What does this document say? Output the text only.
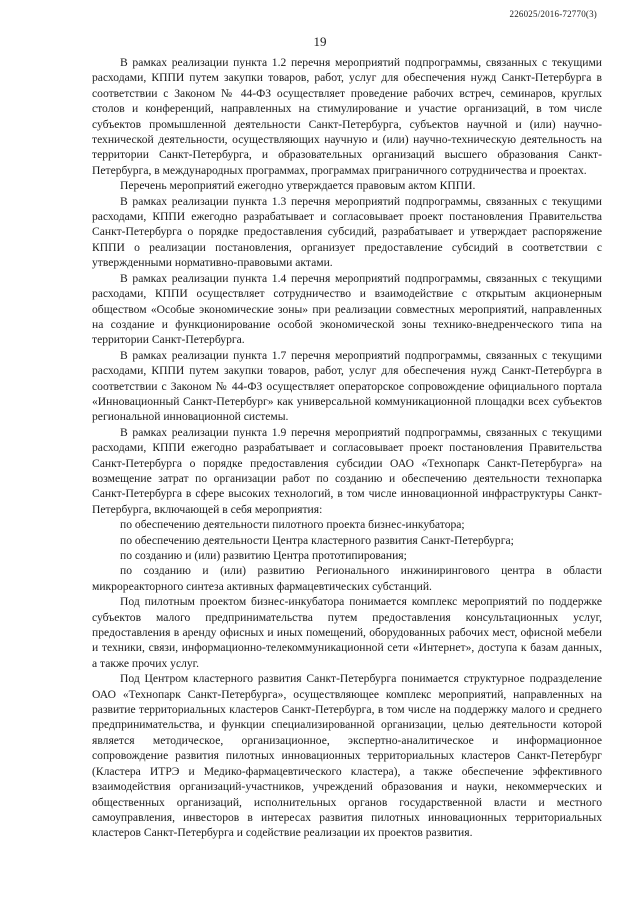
226025/2016-72770(3)
19

В рамках реализации пункта 1.2 перечня мероприятий подпрограммы, связанных с текущими расходами, КППИ путем закупки товаров, работ, услуг для обеспечения нужд Санкт-Петербурга в соответствии с Законом № 44-ФЗ осуществляет проведение рабочих встреч, семинаров, круглых столов и конференций, направленных на стимулирование и участие организаций, в том числе субъектов промышленной деятельности Санкт-Петербурга, субъектов научной и (или) научно-технической деятельности, осуществляющих научную и (или) научно-техническую деятельность на территории Санкт-Петербурга, и образовательных организаций высшего образования Санкт-Петербурга, в международных программах, программах приграничного сотрудничества и проектах.

Перечень мероприятий ежегодно утверждается правовым актом КППИ.

В рамках реализации пункта 1.3 перечня мероприятий подпрограммы, связанных с текущими расходами, КППИ ежегодно разрабатывает и согласовывает проект постановления Правительства Санкт-Петербурга о порядке предоставления субсидий, разрабатывает и утверждает распоряжение КППИ о реализации постановления, организует предоставление субсидий в соответствии с утвержденными нормативно-правовыми актами.

В рамках реализации пункта 1.4 перечня мероприятий подпрограммы, связанных с текущими расходами, КППИ осуществляет сотрудничество и взаимодействие с открытым акционерным обществом «Особые экономические зоны» при реализации совместных мероприятий, направленных на создание и функционирование особой экономической зоны технико-внедренческого типа на территории Санкт-Петербурга.

В рамках реализации пункта 1.7 перечня мероприятий подпрограммы, связанных с текущими расходами, КППИ путем закупки товаров, работ, услуг для обеспечения нужд Санкт-Петербурга в соответствии с Законом № 44-ФЗ осуществляет операторское сопровождение официального портала «Инновационный Санкт-Петербург» как универсальной коммуникационной площадки всех субъектов региональной инновационной системы.

В рамках реализации пункта 1.9 перечня мероприятий подпрограммы, связанных с текущими расходами, КППИ ежегодно разрабатывает и согласовывает проект постановления Правительства Санкт-Петербурга о порядке предоставления субсидии ОАО «Технопарк Санкт-Петербурга» на возмещение затрат по организации работ по созданию и обеспечению деятельности технопарка Санкт-Петербурга в сфере высоких технологий, в том числе инновационной инфраструктуры Санкт-Петербурга, включающей в себя мероприятия:

по обеспечению деятельности пилотного проекта бизнес-инкубатора;

по обеспечению деятельности Центра кластерного развития Санкт-Петербурга;

по созданию и (или) развитию Центра прототипирования;

по созданию и (или) развитию Регионального инжинирингового центра в области микрореакторного синтеза активных фармацевтических субстанций.

Под пилотным проектом бизнес-инкубатора понимается комплекс мероприятий по поддержке субъектов малого предпринимательства путем предоставления консультационных услуг, предоставления в аренду офисных и иных помещений, оборудованных рабочих мест, офисной мебели и техники, связи, информационно-телекоммуникационной сети «Интернет», доступа к базам данных, а также прочих услуг.

Под Центром кластерного развития Санкт-Петербурга понимается структурное подразделение ОАО «Технопарк Санкт-Петербурга», осуществляющее комплекс мероприятий, направленных на развитие территориальных кластеров Санкт-Петербурга, в том числе на поддержку малого и среднего предпринимательства, и функции специализированной организации, целью деятельности которой является методическое, организационное, экспертно-аналитическое и информационное сопровождение развития пилотных инновационных территориальных кластеров Санкт-Петербург (Кластера ИТРЭ и Медико-фармацевтического кластера), а также обеспечение эффективного взаимодействия организаций-участников, учреждений образования и науки, некоммерческих и общественных организаций, исполнительных органов государственной власти и местного самоуправления, инвесторов в интересах развития пилотных инновационных территориальных кластеров Санкт-Петербурга и содействие реализации их проектов развития.
